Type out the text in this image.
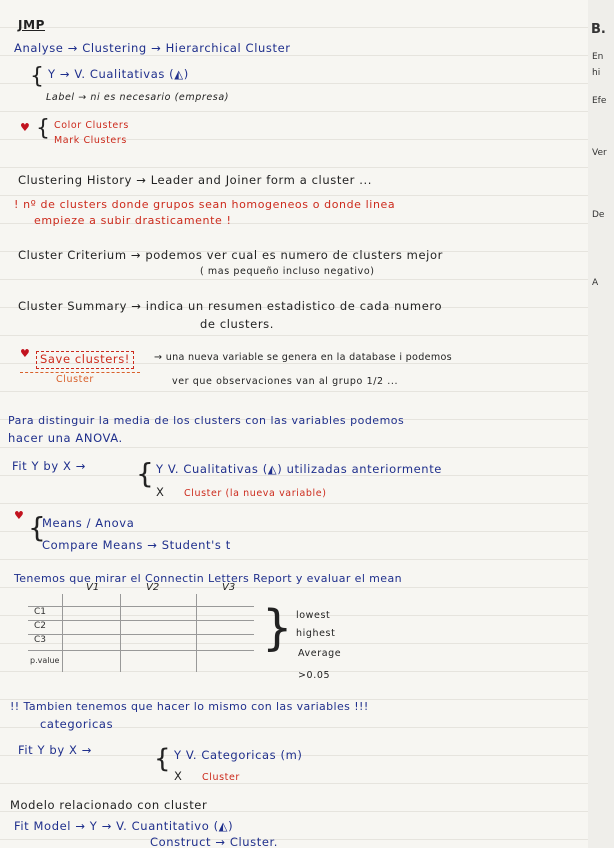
JMP
Analyse → Clustering → Hierarchical Cluster
{ Y → V. Cualitativas (◭)
Label → ni es necesario (empresa)
♥ { Color Clusters
Mark Clusters
Clustering History → Leader and Joiner form a cluster ...
! nº de clusters donde grupos sean homogeneos o donde linea
empieze a subir drasticamente !
Cluster Criterium → podemos ver cual es numero de clusters mejor
( mas pequeño incluso negativo)
Cluster Summary → indica un resumen estadistico de cada numero
de clusters.
♥ Save clusters!
Cluster
→ una nueva variable se genera en la database i podemos
ver que observaciones van al grupo 1/2 ...
Para distinguir la media de los clusters con las variables podemos
hacer una ANOVA.
Fit Y by X → { Y V. Cualitativas (◭) utilizadas anteriormente
X Cluster (la nueva variable)
♥ {
Means / Anova
Compare Means → Student's t
Tenemos que mirar el Connectin Letters Report y evaluar el mean
V1	V2	V3
C1
C2
C3
p.value
{ lowest
highest
Average
>0.05
!! Tambien tenemos que hacer lo mismo con las variables !!!
categoricas
Fit Y by X → { Y V. Categoricas (m)
X Cluster
Modelo relacionado con cluster
Fit Model → Y → V. Cuantitativo (◭)
Construct → Cluster.
B.
En
hi
Efe
Ver
De
A
